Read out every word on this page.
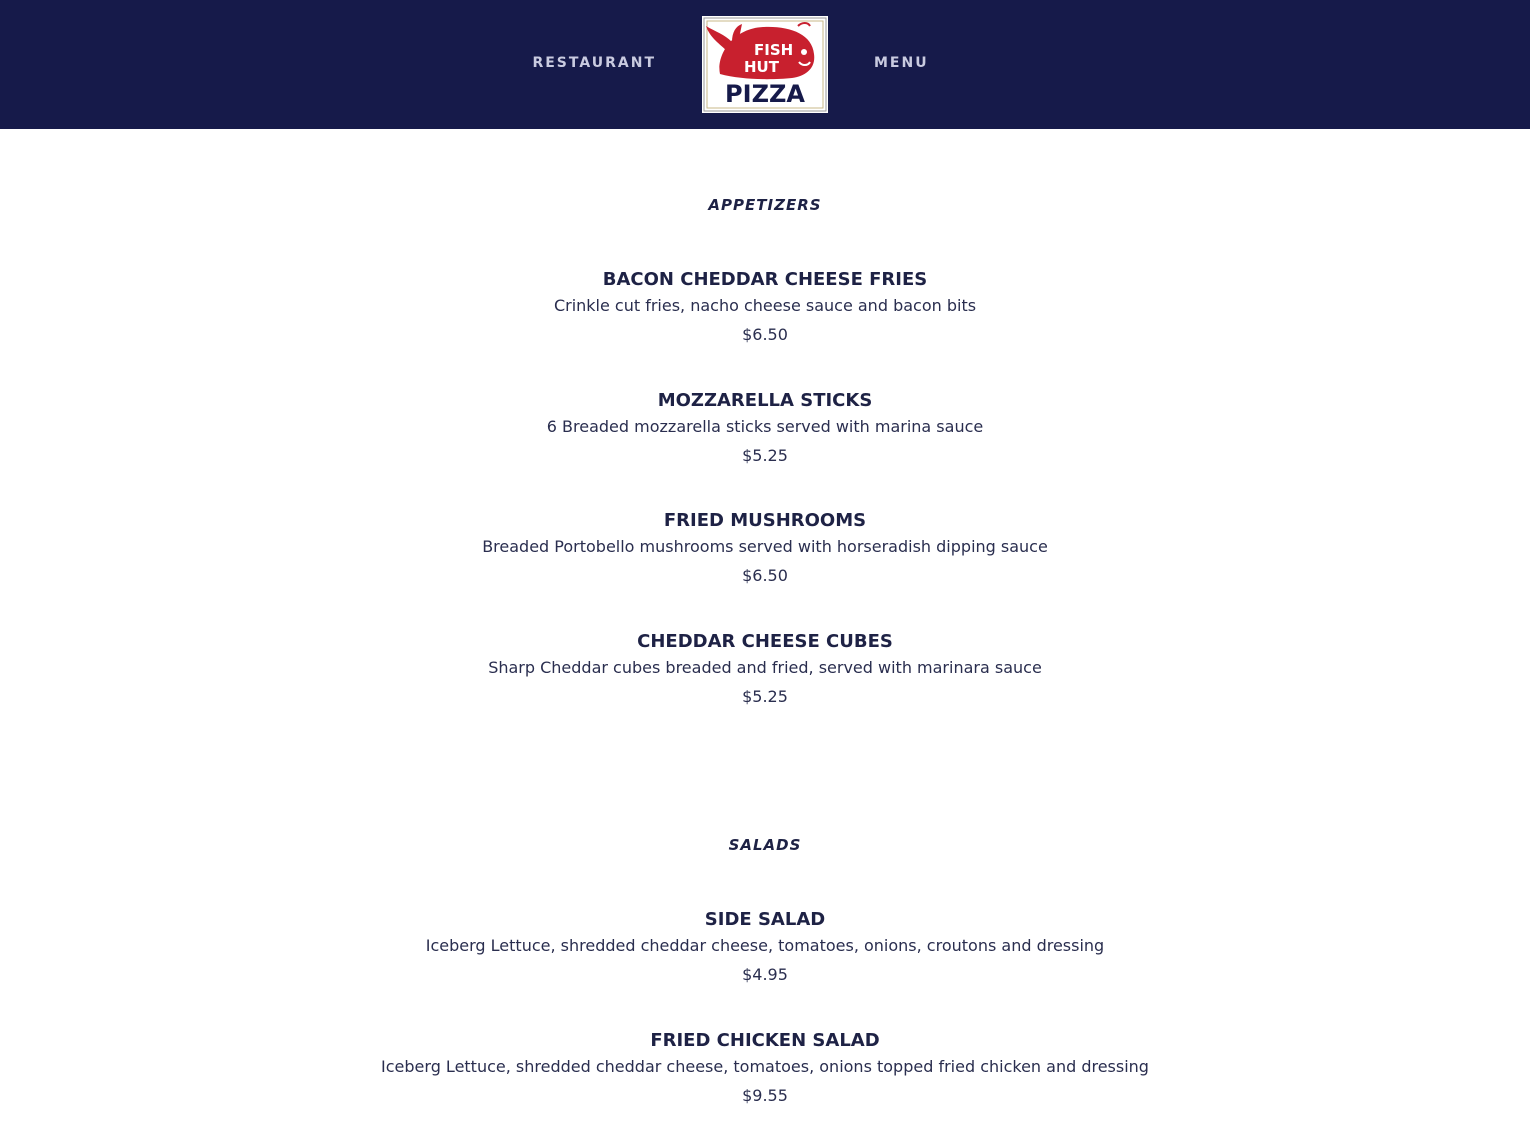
RESTAURANT
FISH
HUT
PIZZA
MENU
APPETIZERS
BACON CHEDDAR CHEESE FRIES
Crinkle cut fries, nacho cheese sauce and bacon bits
$6.50
MOZZARELLA STICKS
6 Breaded mozzarella sticks served with marina sauce
$5.25
FRIED MUSHROOMS
Breaded Portobello mushrooms served with horseradish dipping sauce
$6.50
CHEDDAR CHEESE CUBES
Sharp Cheddar cubes breaded and fried, served with marinara sauce
$5.25
SALADS
SIDE SALAD
Iceberg Lettuce, shredded cheddar cheese, tomatoes, onions, croutons and dressing
$4.95
FRIED CHICKEN SALAD
Iceberg Lettuce, shredded cheddar cheese, tomatoes, onions topped fried chicken and dressing
$9.55
